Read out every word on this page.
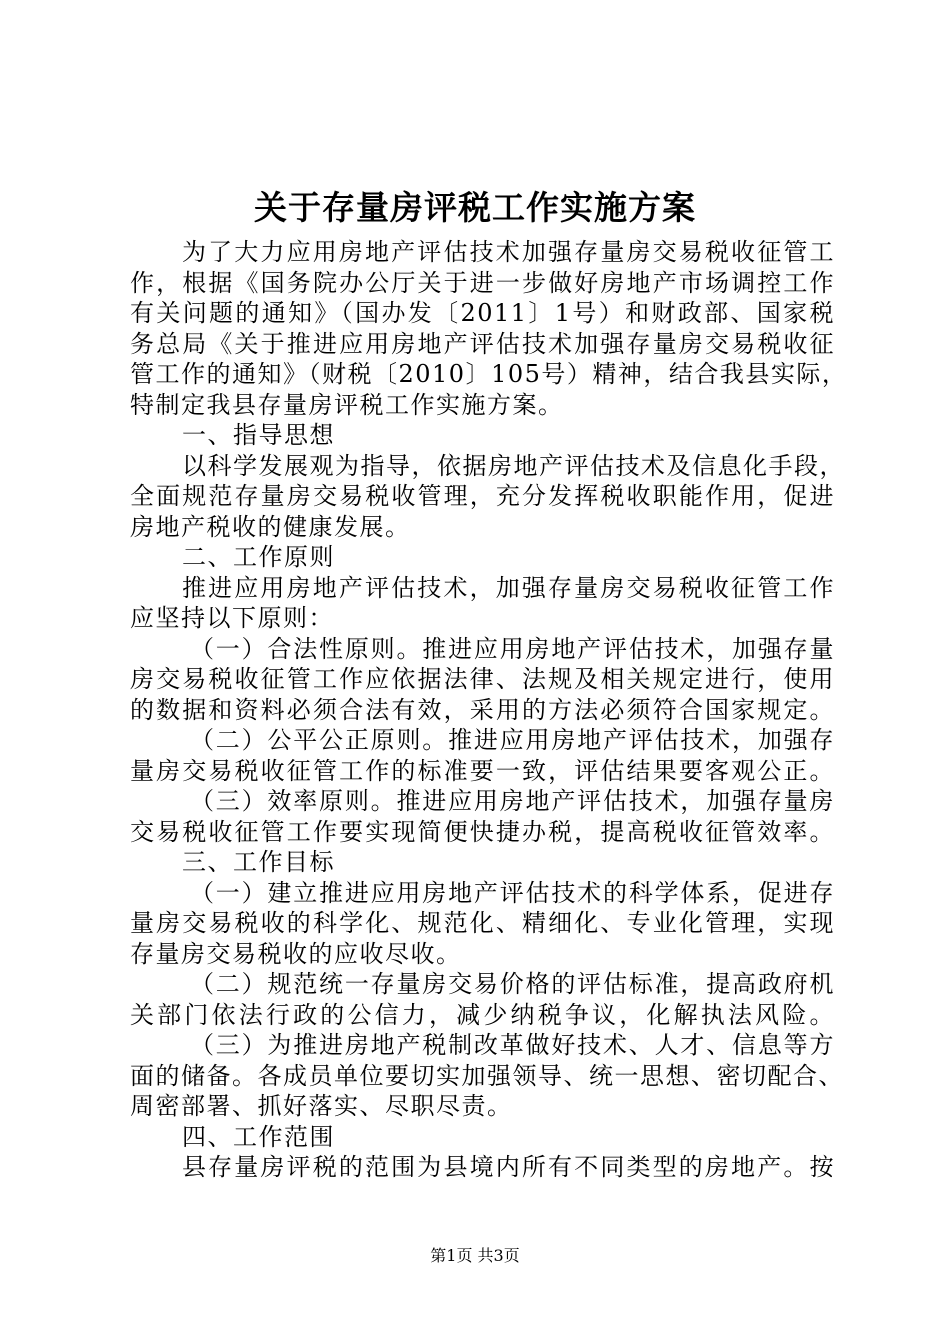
关于存量房评税工作实施方案
为了大力应用房地产评估技术加强存量房交易税收征管工
作，根据《国务院办公厅关于进一步做好房地产市场调控工作
有关问题的通知》（国办发〔2011〕1号）和财政部、国家税
务总局《关于推进应用房地产评估技术加强存量房交易税收征
管工作的通知》（财税〔2010〕105号）精神，结合我县实际，
特制定我县存量房评税工作实施方案。
一、指导思想
以科学发展观为指导，依据房地产评估技术及信息化手段，
全面规范存量房交易税收管理，充分发挥税收职能作用，促进
房地产税收的健康发展。
二、工作原则
推进应用房地产评估技术，加强存量房交易税收征管工作
应坚持以下原则：
（一）合法性原则。推进应用房地产评估技术，加强存量
房交易税收征管工作应依据法律、法规及相关规定进行，使用
的数据和资料必须合法有效，采用的方法必须符合国家规定。
（二）公平公正原则。推进应用房地产评估技术，加强存
量房交易税收征管工作的标准要一致，评估结果要客观公正。
（三）效率原则。推进应用房地产评估技术，加强存量房
交易税收征管工作要实现简便快捷办税，提高税收征管效率。
三、工作目标
（一）建立推进应用房地产评估技术的科学体系，促进存
量房交易税收的科学化、规范化、精细化、专业化管理，实现
存量房交易税收的应收尽收。
（二）规范统一存量房交易价格的评估标准，提高政府机
关部门依法行政的公信力，减少纳税争议，化解执法风险。
（三）为推进房地产税制改革做好技术、人才、信息等方
面的储备。各成员单位要切实加强领导、统一思想、密切配合、
周密部署、抓好落实、尽职尽责。
四、工作范围
县存量房评税的范围为县境内所有不同类型的房地产。按
第1页 共3页
